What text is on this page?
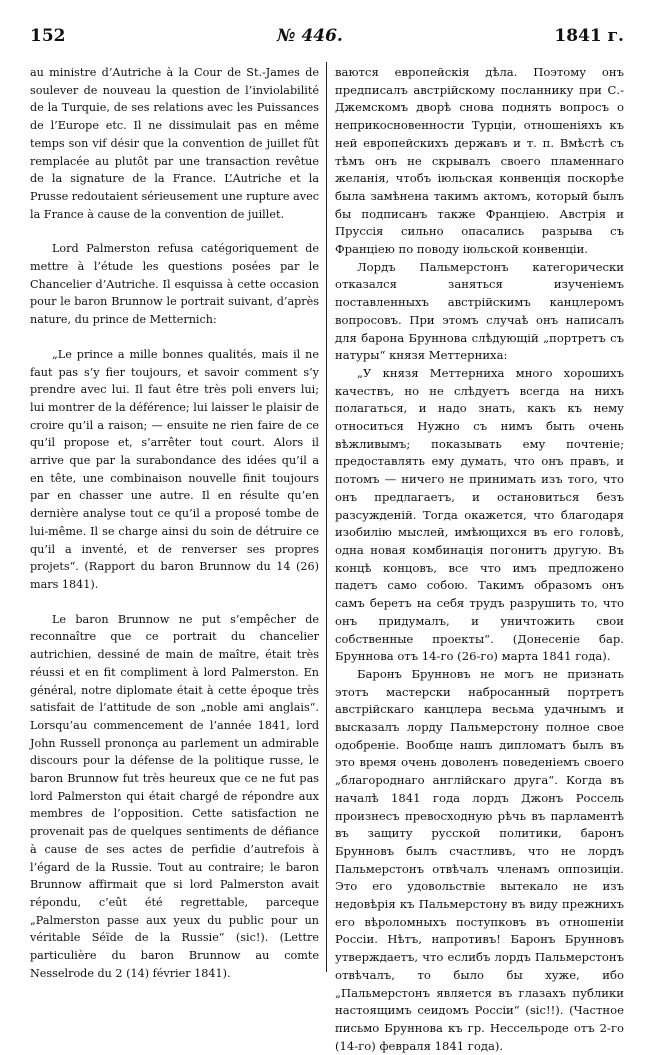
152	№ 446.	1841 г.

au ministre d’Autriche à la Cour de St.-James de soulever de nouveau la question de l’inviolabilité de la Turquie, de ses relations avec les Puissances de l’Europe etc. Il ne dissimulait pas en même temps son vif désir que la convention de juillet fût remplacée au plutôt par une transaction revêtue de la signature de la France. L’Autriche et la Prusse redoutaient sérieusement une rupture avec la France à cause de la convention de juillet.

Lord Palmerston refusa catégoriquement de mettre à l’étude les questions posées par le Chancelier d’Autriche. Il esquissa à cette occasion pour le baron Brunnow le portrait suivant, d’après nature, du prince de Metternich:

„Le prince a mille bonnes qualités, mais il ne faut pas s’y fier toujours, et savoir comment s’y prendre avec lui. Il faut être très poli envers lui; lui montrer de la déférence; lui laisser le plaisir de croire qu’il a raison; — ensuite ne rien faire de ce qu’il propose et, s’arrêter tout court. Alors il arrive que par la surabondance des idées qu’il a en tête, une combinaison nouvelle finit toujours par en chasser une autre. Il en résulte qu’en dernière analyse tout ce qu’il a proposé tombe de lui-même. Il se charge ainsi du soin de détruire ce qu’il a inventé, et de renverser ses propres projets“. (Rapport du baron Brunnow du 14 (26) mars 1841).

Le baron Brunnow ne put s’empêcher de reconnaître que ce portrait du chancelier autrichien, dessiné de main de maître, était très réussi et en fit compliment à lord Palmerston. En général, notre diplomate était à cette époque très satisfait de l’attitude de son „noble ami anglais“. Lorsqu’au commencement de l’année 1841, lord John Russell prononça au parlement un admirable discours pour la défense de la politique russe, le baron Brunnow fut très heureux que ce ne fut pas lord Palmerston qui était chargé de répondre aux membres de l’opposition. Cette satisfaction ne provenait pas de quelques sentiments de défiance à cause de ses actes de perfidie d’autrefois à l’égard de la Russie. Tout au contraire; le baron Brunnow affirmait que si lord Palmerston avait répondu, c’eût été regrettable, parceque „Palmerston passe aux yeux du public pour un véritable Séïde de la Russie“ (sic!). (Lettre particulière du baron Brunnow au comte Nesselrode du 2 (14) février 1841).

ваются европейскія дѣла. Поэтому онъ предписалъ австрійскому посланнику при С.-Джемскомъ дворѣ снова поднять вопросъ о неприкосновенности Турціи, отношеніяхъ къ ней европейскихъ державъ и т. п. Вмѣстѣ съ тѣмъ онъ не скрывалъ своего пламеннаго желанія, чтобъ іюльская конвенція поскорѣе была замѣнена такимъ актомъ, который былъ бы подписанъ также Франціею. Австрія и Пруссія сильно опасались разрыва съ Франціею по поводу іюльской конвенціи.

Лордъ Пальмерстонъ категорически отказался заняться изученіемъ поставленныхъ австрійскимъ канцлеромъ вопросовъ. При этомъ случаѣ онъ написалъ для барона Бруннова слѣдующій „портретъ съ натуры“ князя Меттерниха:

„У князя Меттерниха много хорошихъ качествъ, но не слѣдуетъ всегда на нихъ полагаться, и надо знать, какъ къ нему относиться Нужно съ нимъ быть очень вѣжливымъ; показывать ему почтеніе; предоставлять ему думать, что онъ правъ, и потомъ — ничего не принимать изъ того, что онъ предлагаетъ, и остановиться безъ разсужденій. Тогда окажется, что благодаря изобилію мыслей, имѣющихся въ его головѣ, одна новая комбинація погонитъ другую. Въ концѣ концовъ, все что имъ предложено падетъ само собою. Такимъ образомъ онъ самъ беретъ на себя трудъ разрушить то, что онъ придумалъ, и уничтожить свои собственные проекты“. (Донесеніе бар. Бруннова отъ 14-го (26-го) марта 1841 года).

Баронъ Брунновъ не могъ не признать этотъ мастерски набросанный портретъ австрійскаго канцлера весьма удачнымъ и высказалъ лорду Пальмерстону полное свое одобреніе. Вообще нашъ дипломатъ былъ въ это время очень доволенъ поведеніемъ своего „благороднаго англійскаго друга“. Когда въ началѣ 1841 года лордъ Джонъ Россель произнесъ превосходную рѣчь въ парламентѣ въ защиту русской политики, баронъ Брунновъ былъ счастливъ, что не лордъ Пальмерстонъ отвѣчалъ членамъ оппозиціи. Это его удовольствіе вытекало не изъ недовѣрія къ Пальмерстону въ виду прежнихъ его вѣроломныхъ поступковъ въ отношеніи Россіи. Нѣтъ, напротивъ! Баронъ Брунновъ утверждаетъ, что еслибъ лордъ Пальмерстонъ отвѣчалъ, то было бы хуже, ибо „Пальмерстонъ является въ глазахъ публики настоящимъ сеидомъ Россіи“ (sic!!). (Частное письмо Бруннова къ гр. Нессельроде отъ 2-го (14-го) февраля 1841 года).
